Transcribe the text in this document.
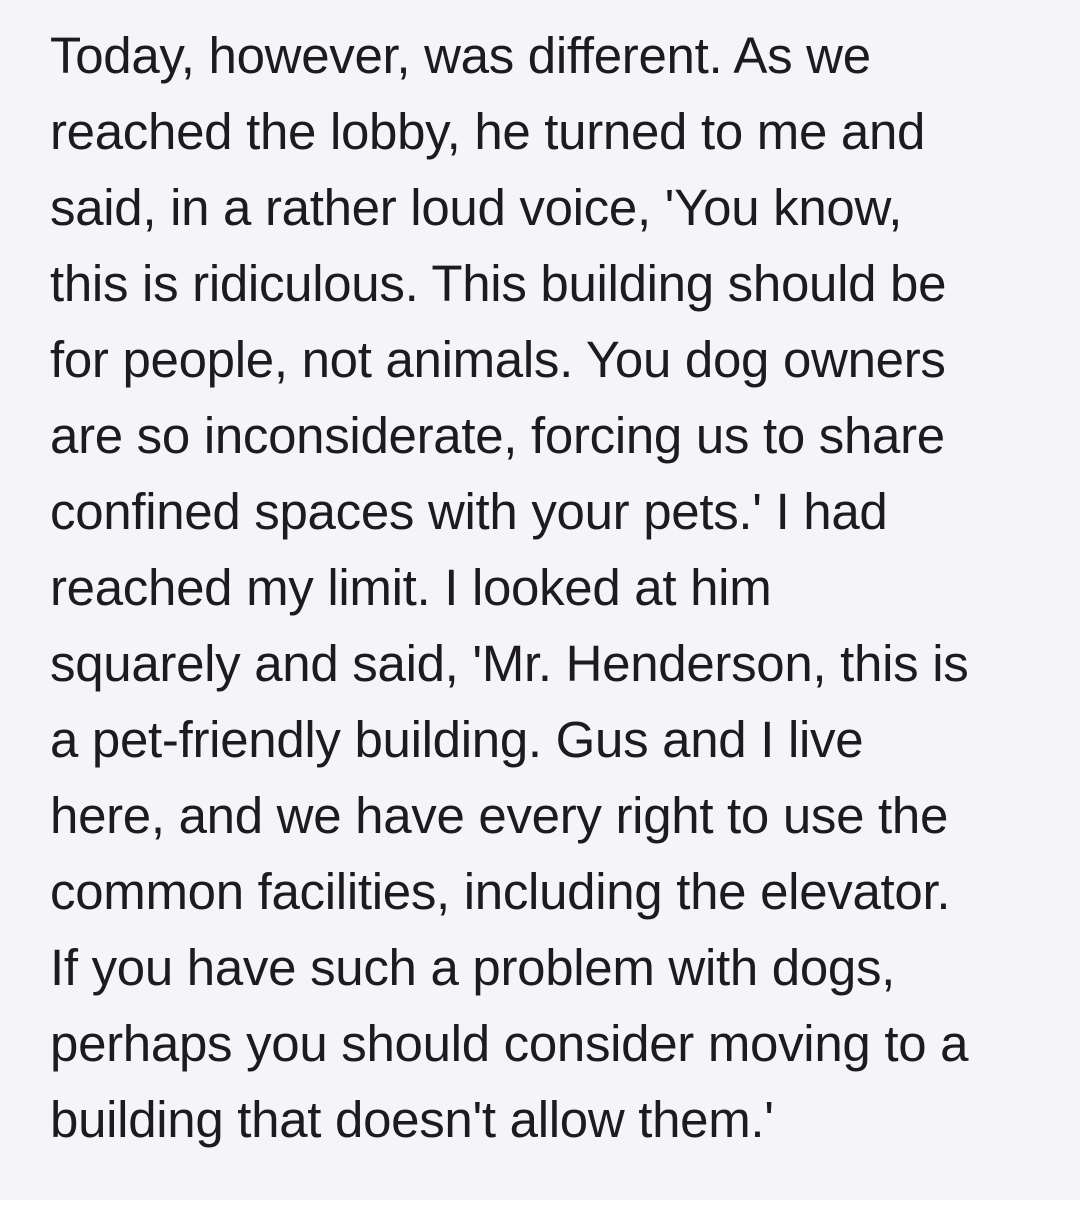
Today, however, was different. As we
reached the lobby, he turned to me and
said, in a rather loud voice, 'You know,
this is ridiculous. This building should be
for people, not animals. You dog owners
are so inconsiderate, forcing us to share
confined spaces with your pets.' I had
reached my limit. I looked at him
squarely and said, 'Mr. Henderson, this is
a pet-friendly building. Gus and I live
here, and we have every right to use the
common facilities, including the elevator.
If you have such a problem with dogs,
perhaps you should consider moving to a
building that doesn't allow them.'
